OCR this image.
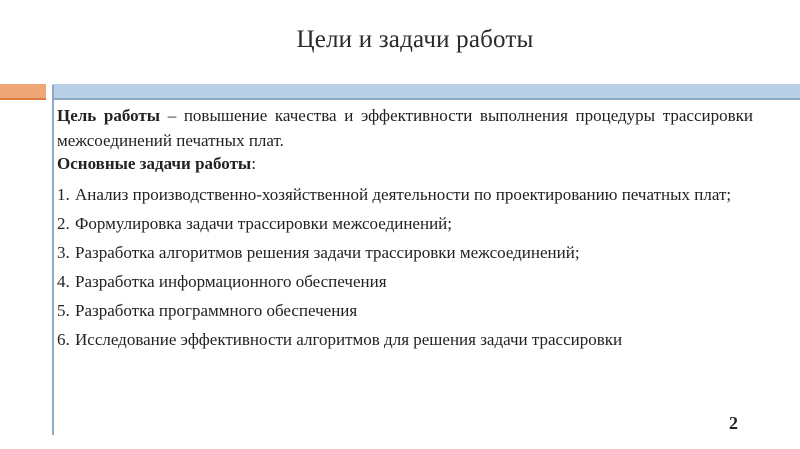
Цели и задачи работы
Цель работы – повышение качества и эффективности выполнения процедуры трассировки межсоединений печатных плат.
Основные задачи работы:
1. Анализ производственно-хозяйственной деятельности по проектированию печатных плат;
2. Формулировка задачи трассировки межсоединений;
3. Разработка алгоритмов решения задачи трассировки межсоединений;
4. Разработка информационного обеспечения
5. Разработка программного обеспечения
6. Исследование эффективности алгоритмов для решения задачи трассировки
2
